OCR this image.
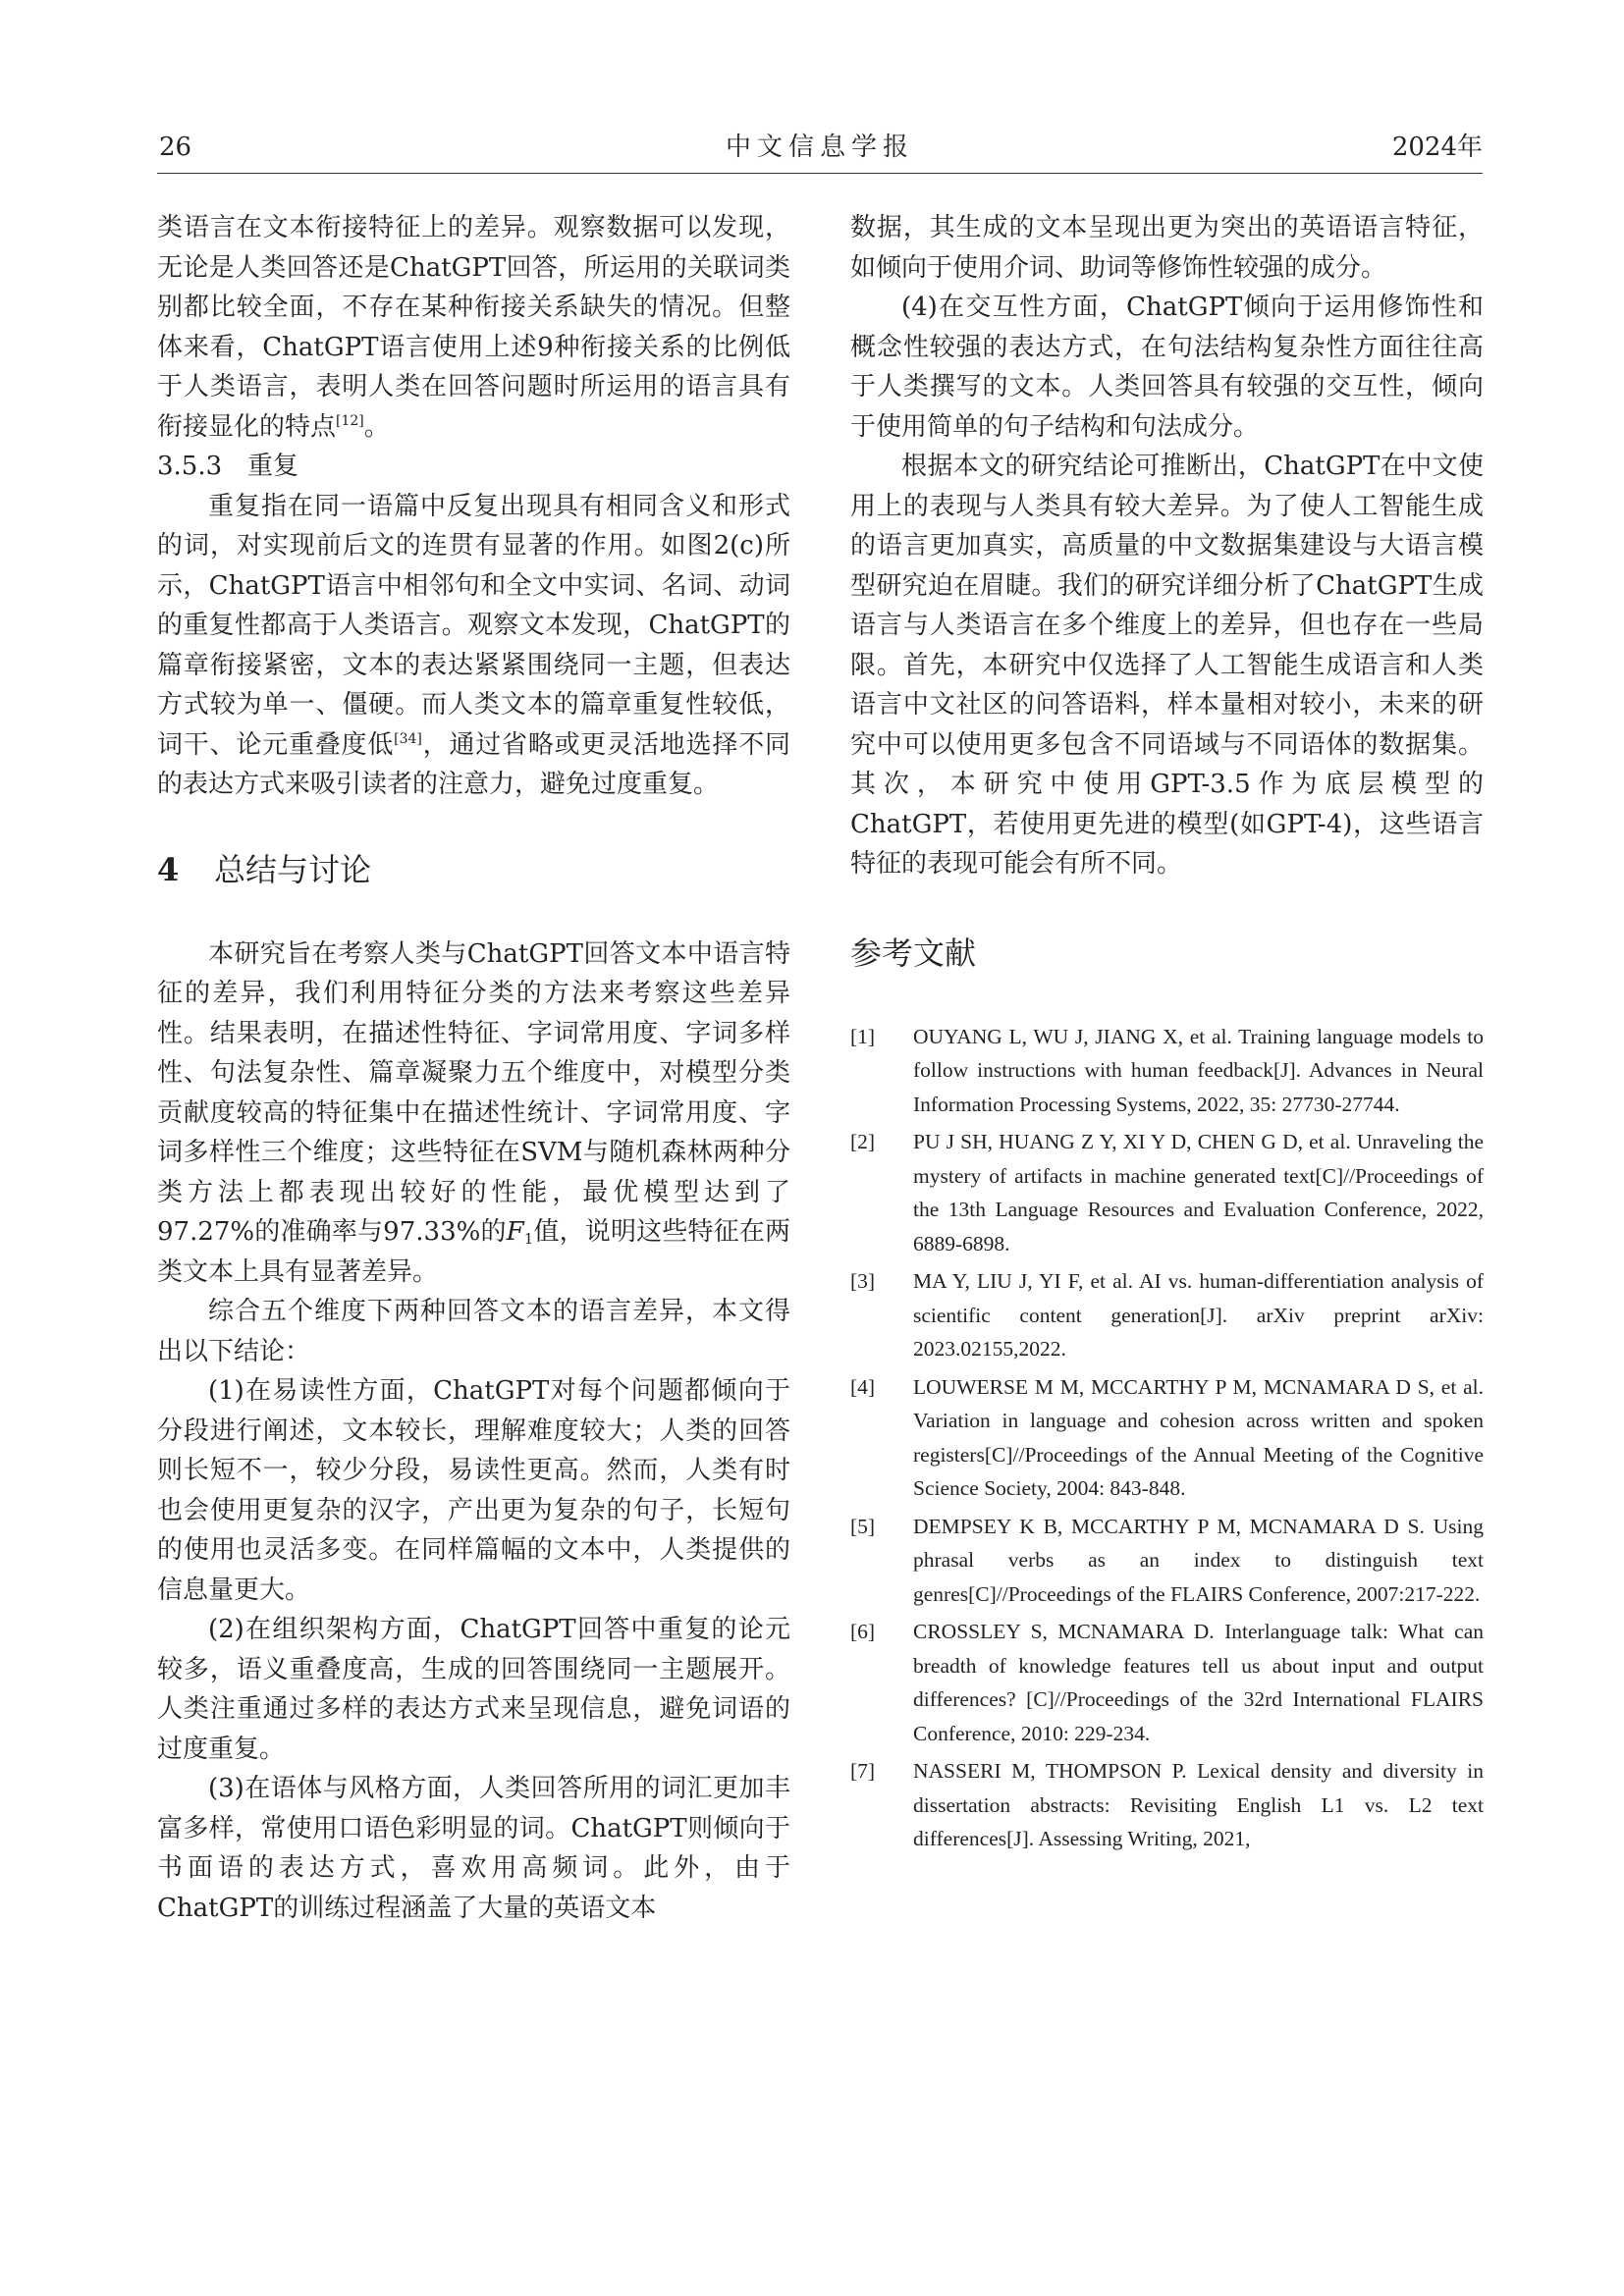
26	中文信息学报	2024年

类语言在文本衔接特征上的差异。观察数据可以发现，无论是人类回答还是ChatGPT回答，所运用的关联词类别都比较全面，不存在某种衔接关系缺失的情况。但整体来看，ChatGPT语言使用上述9种衔接关系的比例低于人类语言，表明人类在回答问题时所运用的语言具有衔接显化的特点[12]。

3.5.3 重复

重复指在同一语篇中反复出现具有相同含义和形式的词，对实现前后文的连贯有显著的作用。如图2(c)所示，ChatGPT语言中相邻句和全文中实词、名词、动词的重复性都高于人类语言。观察文本发现，ChatGPT的篇章衔接紧密，文本的表达紧紧围绕同一主题，但表达方式较为单一、僵硬。而人类文本的篇章重复性较低，词干、论元重叠度低[34]，通过省略或更灵活地选择不同的表达方式来吸引读者的注意力，避免过度重复。

4 总结与讨论

本研究旨在考察人类与ChatGPT回答文本中语言特征的差异，我们利用特征分类的方法来考察这些差异性。结果表明，在描述性特征、字词常用度、字词多样性、句法复杂性、篇章凝聚力五个维度中，对模型分类贡献度较高的特征集中在描述性统计、字词常用度、字词多样性三个维度；这些特征在SVM与随机森林两种分类方法上都表现出较好的性能，最优模型达到了97.27%的准确率与97.33%的$F_1$值，说明这些特征在两类文本上具有显著差异。

综合五个维度下两种回答文本的语言差异，本文得出以下结论：

(1)在易读性方面，ChatGPT对每个问题都倾向于分段进行阐述，文本较长，理解难度较大；人类的回答则长短不一，较少分段，易读性更高。然而，人类有时也会使用更复杂的汉字，产出更为复杂的句子，长短句的使用也灵活多变。在同样篇幅的文本中，人类提供的信息量更大。

(2)在组织架构方面，ChatGPT回答中重复的论元较多，语义重叠度高，生成的回答围绕同一主题展开。人类注重通过多样的表达方式来呈现信息，避免词语的过度重复。

(3)在语体与风格方面，人类回答所用的词汇更加丰富多样，常使用口语色彩明显的词。ChatGPT则倾向于书面语的表达方式，喜欢用高频词。此外，由于ChatGPT的训练过程涵盖了大量的英语文本

数据，其生成的文本呈现出更为突出的英语语言特征，如倾向于使用介词、助词等修饰性较强的成分。

(4)在交互性方面，ChatGPT倾向于运用修饰性和概念性较强的表达方式，在句法结构复杂性方面往往高于人类撰写的文本。人类回答具有较强的交互性，倾向于使用简单的句子结构和句法成分。

根据本文的研究结论可推断出，ChatGPT在中文使用上的表现与人类具有较大差异。为了使人工智能生成的语言更加真实，高质量的中文数据集建设与大语言模型研究迫在眉睫。我们的研究详细分析了ChatGPT生成语言与人类语言在多个维度上的差异，但也存在一些局限。首先，本研究中仅选择了人工智能生成语言和人类语言中文社区的问答语料，样本量相对较小，未来的研究中可以使用更多包含不同语域与不同语体的数据集。其次，本研究中使用GPT-3.5作为底层模型的ChatGPT，若使用更先进的模型(如GPT-4)，这些语言特征的表现可能会有所不同。

参考文献
[1]	OUYANG L, WU J, JIANG X, et al. Training language models to follow instructions with human feedback[J]. Advances in Neural Information Processing Systems, 2022, 35: 27730-27744.
[2]	PU J SH, HUANG Z Y, XI Y D, CHEN G D, et al. Unraveling the mystery of artifacts in machine generated text[C]//Proceedings of the 13th Language Resources and Evaluation Conference, 2022, 6889-6898.
[3]	MA Y, LIU J, YI F, et al. AI vs. human-differentiation analysis of scientific content generation[J]. arXiv preprint arXiv: 2023.02155,2022.
[4]	LOUWERSE M M, MCCARTHY P M, MCNAMARA D S, et al. Variation in language and cohesion across written and spoken registers[C]//Proceedings of the Annual Meeting of the Cognitive Science Society, 2004: 843-848.
[5]	DEMPSEY K B, MCCARTHY P M, MCNAMARA D S. Using phrasal verbs as an index to distinguish text genres[C]//Proceedings of the FLAIRS Conference, 2007:217-222.
[6]	CROSSLEY S, MCNAMARA D. Interlanguage talk: What can breadth of knowledge features tell us about input and output differences? [C]//Proceedings of the 32rd International FLAIRS Conference, 2010: 229-234.
[7]	NASSERI M, THOMPSON P. Lexical density and diversity in dissertation abstracts: Revisiting English L1 vs. L2 text differences[J]. Assessing Writing, 2021,
